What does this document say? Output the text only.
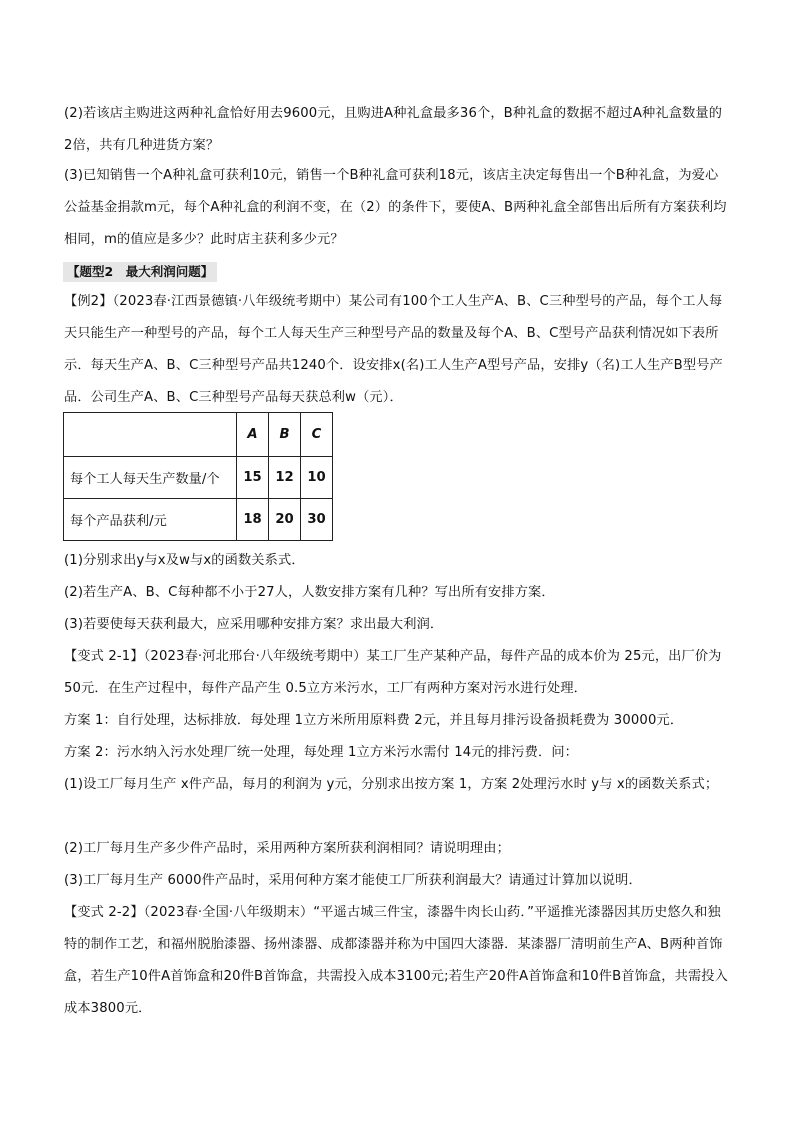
(2)若该店主购进这两种礼盒恰好用去9600元，且购进A种礼盒最多36个，B种礼盒的数据不超过A种礼盒数量的2倍，共有几种进货方案？
(3)已知销售一个A种礼盒可获利10元，销售一个B种礼盒可获利18元，该店主决定每售出一个B种礼盒，为爱心公益基金捐款m元，每个A种礼盒的利润不变，在（2）的条件下，要使A、B两种礼盒全部售出后所有方案获利均相同，m的值应是多少？此时店主获利多少元？
【题型2　最大利润问题】
【例2】（2023春·江西景德镇·八年级统考期中）某公司有100个工人生产A、B、C三种型号的产品，每个工人每天只能生产一种型号的产品，每个工人每天生产三种型号产品的数量及每个A、B、C型号产品获利情况如下表所示．每天生产A、B、C三种型号产品共1240个．设安排x(名)工人生产A型号产品，安排y（名)工人生产B型号产品．公司生产A、B、C三种型号产品每天获总利w（元）．
	A	B	C
每个工人每天生产数量/个	15	12	10
每个产品获利/元	18	20	30
(1)分别求出y与x及w与x的函数关系式．
(2)若生产A、B、C每种都不小于27人，人数安排方案有几种？写出所有安排方案．
(3)若要使每天获利最大，应采用哪种安排方案？求出最大利润．
【变式 2-1】（2023春·河北邢台·八年级统考期中）某工厂生产某种产品，每件产品的成本价为 25元，出厂价为 50元．在生产过程中，每件产品产生 0.5立方米污水，工厂有两种方案对污水进行处理．
方案 1：自行处理，达标排放．每处理 1立方米所用原料费 2元，并且每月排污设备损耗费为 30000元．
方案 2：污水纳入污水处理厂统一处理，每处理 1立方米污水需付 14元的排污费．问：
(1)设工厂每月生产 x件产品，每月的利润为 y元，分别求出按方案 1，方案 2处理污水时 y与 x的函数关系式；
(2)工厂每月生产多少件产品时，采用两种方案所获利润相同？请说明理由；
(3)工厂每月生产 6000件产品时，采用何种方案才能使工厂所获利润最大？请通过计算加以说明．
【变式 2-2】（2023春·全国·八年级期末）“平遥古城三件宝，漆器牛肉长山药．”平遥推光漆器因其历史悠久和独特的制作工艺，和福州脱胎漆器、扬州漆器、成都漆器并称为中国四大漆器．某漆器厂清明前生产A、B两种首饰盒，若生产10件A首饰盒和20件B首饰盒，共需投入成本3100元;若生产20件A首饰盒和10件B首饰盒，共需投入成本3800元．
